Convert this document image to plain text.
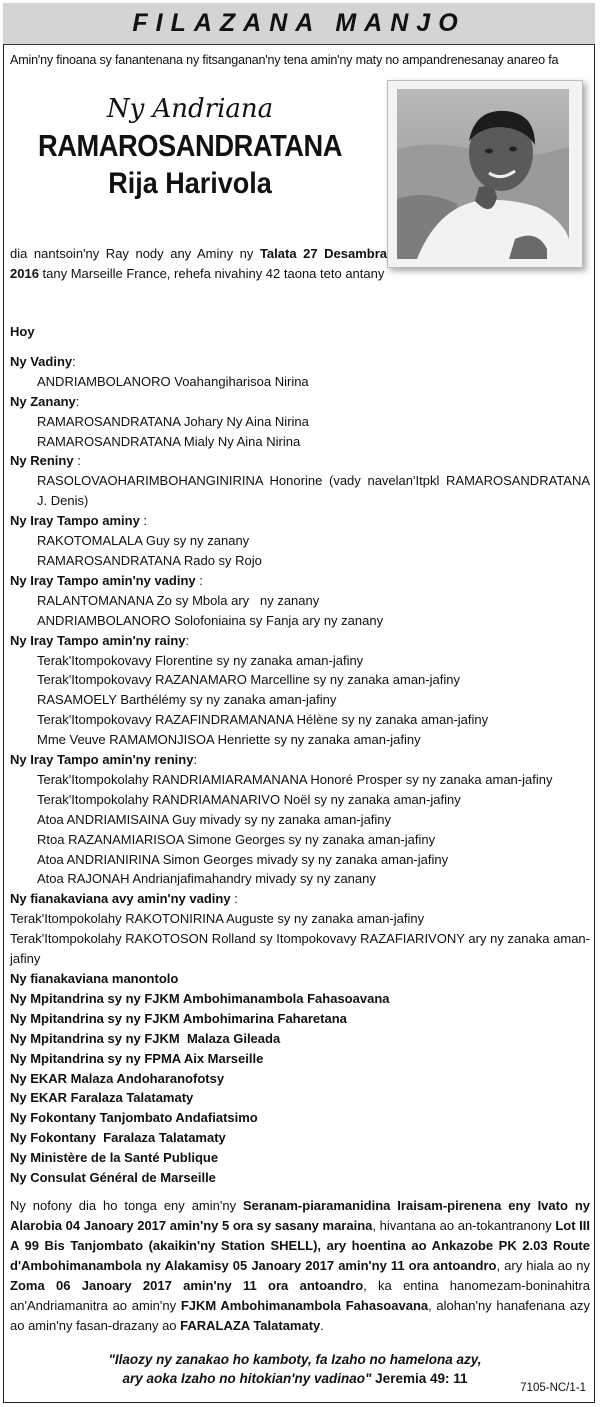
FILAZANA MANJO
Amin'ny finoana sy fanantenana ny fitsanganan'ny tena amin'ny maty no ampandrenesanay anareo fa
Ny Andriana
RAMAROSANDRATANA
Rija Harivola
dia nantsoin'ny Ray nody any Aminy ny Talata 27 Desambra 2016 tany Marseille France, rehefa nivahiny 42 taona teto antany
Hoy
Ny Vadiny:
ANDRIAMBOLANORO Voahangiharisoa Nirina
Ny Zanany:
RAMAROSANDRATANA Johary Ny Aina Nirina
RAMAROSANDRATANA Mialy Ny Aina Nirina
Ny Reniny :
RASOLOVAOHARIMBOHANGINIRINA Honorine (vady navelan'Itpkl RAMAROSANDRATANA J. Denis)
Ny Iray Tampo aminy :
RAKOTOMALALA Guy sy ny zanany
RAMAROSANDRATANA Rado sy Rojo
Ny Iray Tampo amin'ny vadiny :
RALANTOMANANA Zo sy Mbola ary   ny zanany
ANDRIAMBOLANORO Solofoniaina sy Fanja ary ny zanany
Ny Iray Tampo amin'ny rainy:
Terak'Itompokovavy Florentine sy ny zanaka aman-jafiny
Terak'Itompokovavy RAZANAMARO Marcelline sy ny zanaka aman-jafiny
RASAMOELY Barthélémy sy ny zanaka aman-jafiny
Terak'Itompokovavy RAZAFINDRAMANANA Hélène sy ny zanaka aman-jafiny
Mme Veuve RAMAMONJISOA Henriette sy ny zanaka aman-jafiny
Ny Iray Tampo amin'ny reniny:
Terak'Itompokolahy RANDRIAMIARAMANANA Honoré Prosper sy ny zanaka aman-jafiny
Terak'Itompokolahy RANDRIAMANARIVO Noël sy ny zanaka aman-jafiny
Atoa ANDRIAMISAINA Guy mivady sy ny zanaka aman-jafiny
Rtoa RAZANAMIARISOA Simone Georges sy ny zanaka aman-jafiny
Atoa ANDRIANIRINA Simon Georges mivady sy ny zanaka aman-jafiny
Atoa RAJONAH Andrianjafimahandry mivady sy ny zanany
Ny fianakaviana avy amin'ny vadiny :
Terak'Itompokolahy RAKOTONIRINA Auguste sy ny zanaka aman-jafiny
Terak'Itompokolahy RAKOTOSON Rolland sy Itompokovavy RAZAFIARIVONY ary ny zanaka aman-jafiny
Ny fianakaviana manontolo
Ny Mpitandrina sy ny FJKM Ambohimanambola Fahasoavana
Ny Mpitandrina sy ny FJKM Ambohimarina Faharetana
Ny Mpitandrina sy ny FJKM  Malaza Gileada
Ny Mpitandrina sy ny FPMA Aix Marseille
Ny EKAR Malaza Andoharanofotsy
Ny EKAR Faralaza Talatamaty
Ny Fokontany Tanjombato Andafiatsimo
Ny Fokontany  Faralaza Talatamaty
Ny Ministère de la Santé Publique
Ny Consulat Général de Marseille
Ny nofony dia ho tonga eny amin'ny Seranam-piaramanidina Iraisam-pirenena eny Ivato ny Alarobia 04 Janoary 2017 amin'ny 5 ora sy sasany maraina, hivantana ao an-tokantranony Lot III A 99 Bis Tanjombato (akaikin'ny Station SHELL), ary hoentina ao Ankazobe PK 2.03 Route d'Ambohimanambola ny Alakamisy 05 Janoary 2017 amin'ny 11 ora antoandro, ary hiala ao ny Zoma 06 Janoary 2017 amin'ny 11 ora antoandro, ka entina hanomezam-boninahitra an'Andriamanitra ao amin'ny FJKM Ambohimanambola Fahasoavana, alohan'ny hanafenana azy ao amin'ny fasan-drazany ao FARALAZA Talatamaty.
"Ilaozy ny zanakao ho kamboty, fa Izaho no hamelona azy,
ary aoka Izaho no hitokian'ny vadinao" Jeremia 49: 11
7105-NC/1-1
